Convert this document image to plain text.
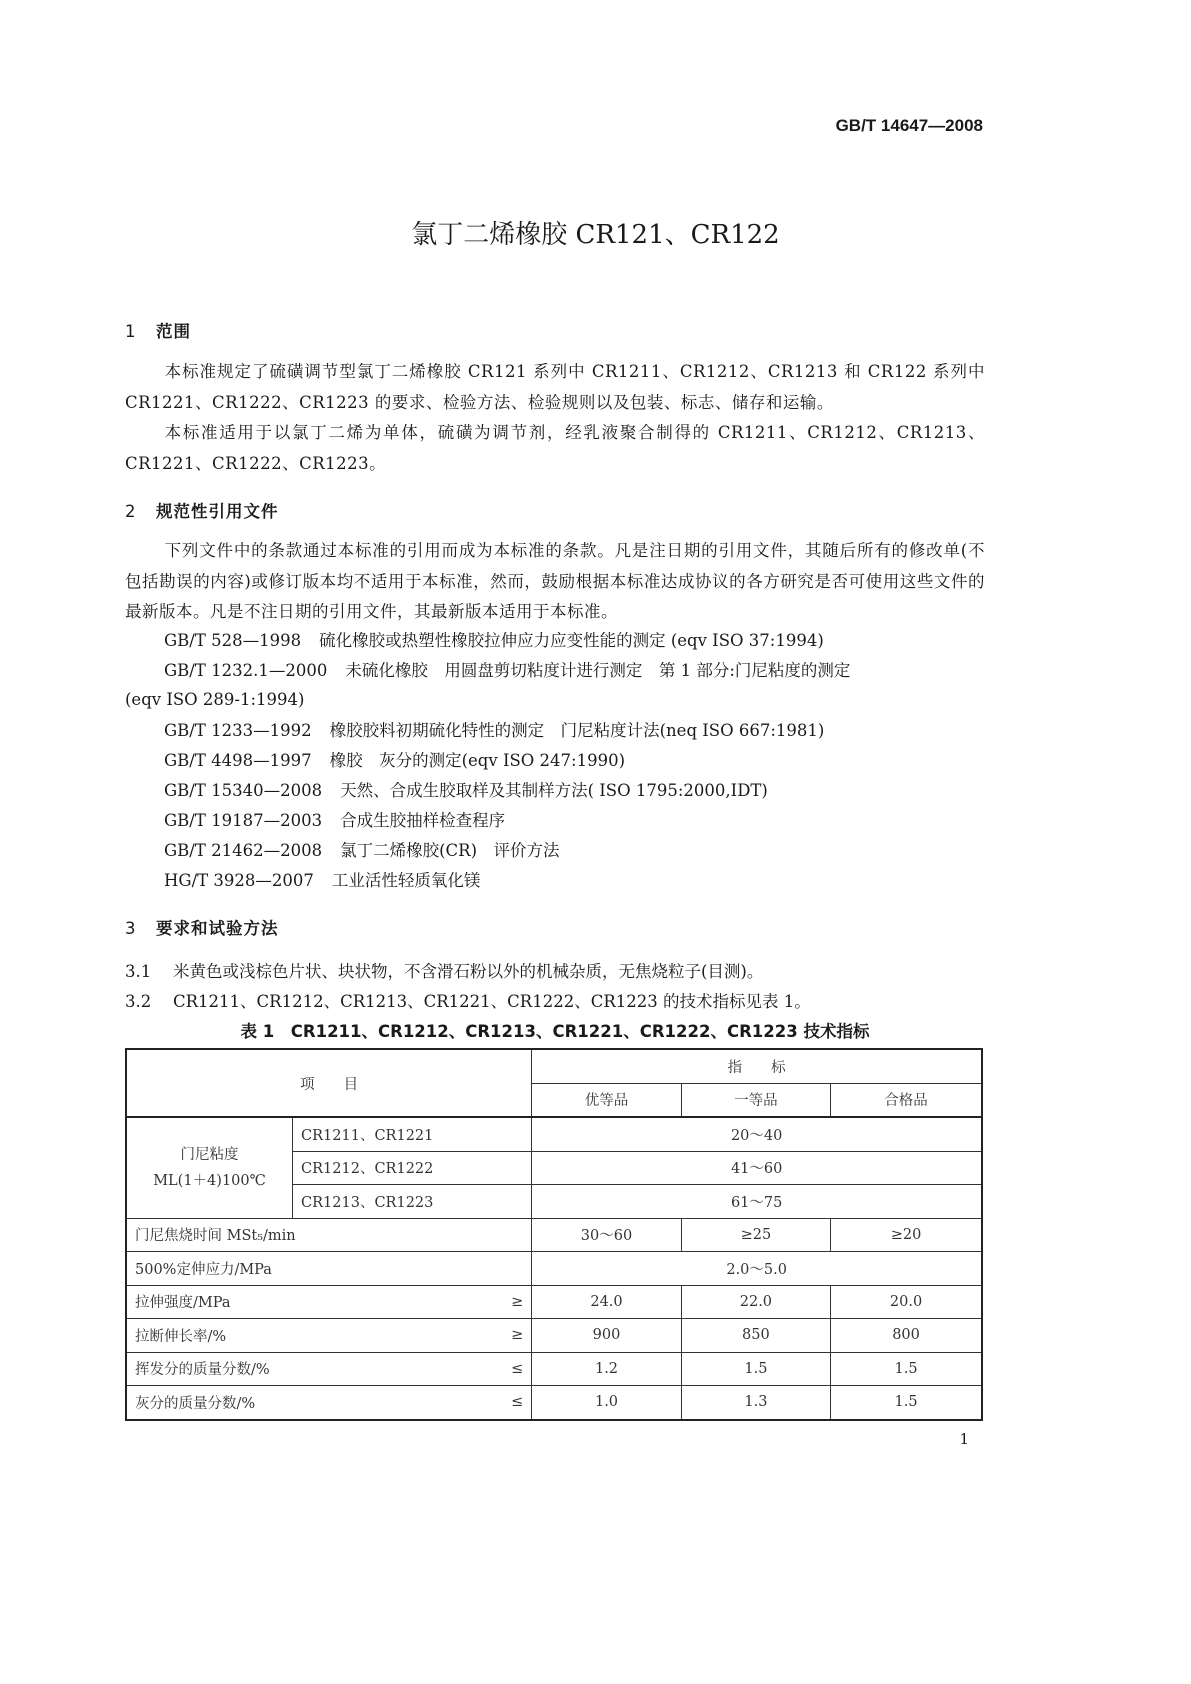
GB/T 14647—2008
氯丁二烯橡胶 CR121、CR122
1 范围
本标准规定了硫磺调节型氯丁二烯橡胶 CR121 系列中 CR1211、CR1212、CR1213 和 CR122 系列中 CR1221、CR1222、CR1223 的要求、检验方法、检验规则以及包装、标志、储存和运输。
本标准适用于以氯丁二烯为单体，硫磺为调节剂，经乳液聚合制得的 CR1211、CR1212、CR1213、CR1221、CR1222、CR1223。
2 规范性引用文件
下列文件中的条款通过本标准的引用而成为本标准的条款。凡是注日期的引用文件，其随后所有的修改单(不包括勘误的内容)或修订版本均不适用于本标准，然而，鼓励根据本标准达成协议的各方研究是否可使用这些文件的最新版本。凡是不注日期的引用文件，其最新版本适用于本标准。
GB/T 528—1998 硫化橡胶或热塑性橡胶拉伸应力应变性能的测定 (eqv ISO 37:1994)
GB/T 1232.1—2000 未硫化橡胶　用圆盘剪切粘度计进行测定　第 1 部分:门尼粘度的测定
(eqv ISO 289-1:1994)
GB/T 1233—1992 橡胶胶料初期硫化特性的测定　门尼粘度计法(neq ISO 667:1981)
GB/T 4498—1997 橡胶　灰分的测定(eqv ISO 247:1990)
GB/T 15340—2008 天然、合成生胶取样及其制样方法( ISO 1795:2000,IDT)
GB/T 19187—2003 合成生胶抽样检查程序
GB/T 21462—2008 氯丁二烯橡胶(CR)　评价方法
HG/T 3928—2007 工业活性轻质氧化镁
3 要求和试验方法
3.1 米黄色或浅棕色片状、块状物，不含滑石粉以外的机械杂质，无焦烧粒子(目测)。
3.2 CR1211、CR1212、CR1213、CR1221、CR1222、CR1223 的技术指标见表 1。
表 1　CR1211、CR1212、CR1213、CR1221、CR1222、CR1223 技术指标
项　　目			指　　标		
			优等品	一等品	合格品

门尼粘度
ML(1＋4)100℃	CR1211、CR1221		20～40		
	CR1212、CR1222		41～60		
	CR1213、CR1223		61～75		
门尼焦烧时间 MSt₅/min			30～60	≥25	≥20
500%定伸应力/MPa			2.0～5.0		
拉伸强度/MPa		≥	24.0	22.0	20.0
拉断伸长率/%		≥	900	850	800
挥发分的质量分数/%		≤	1.2	1.5	1.5
灰分的质量分数/%		≤	1.0	1.3	1.5
1
